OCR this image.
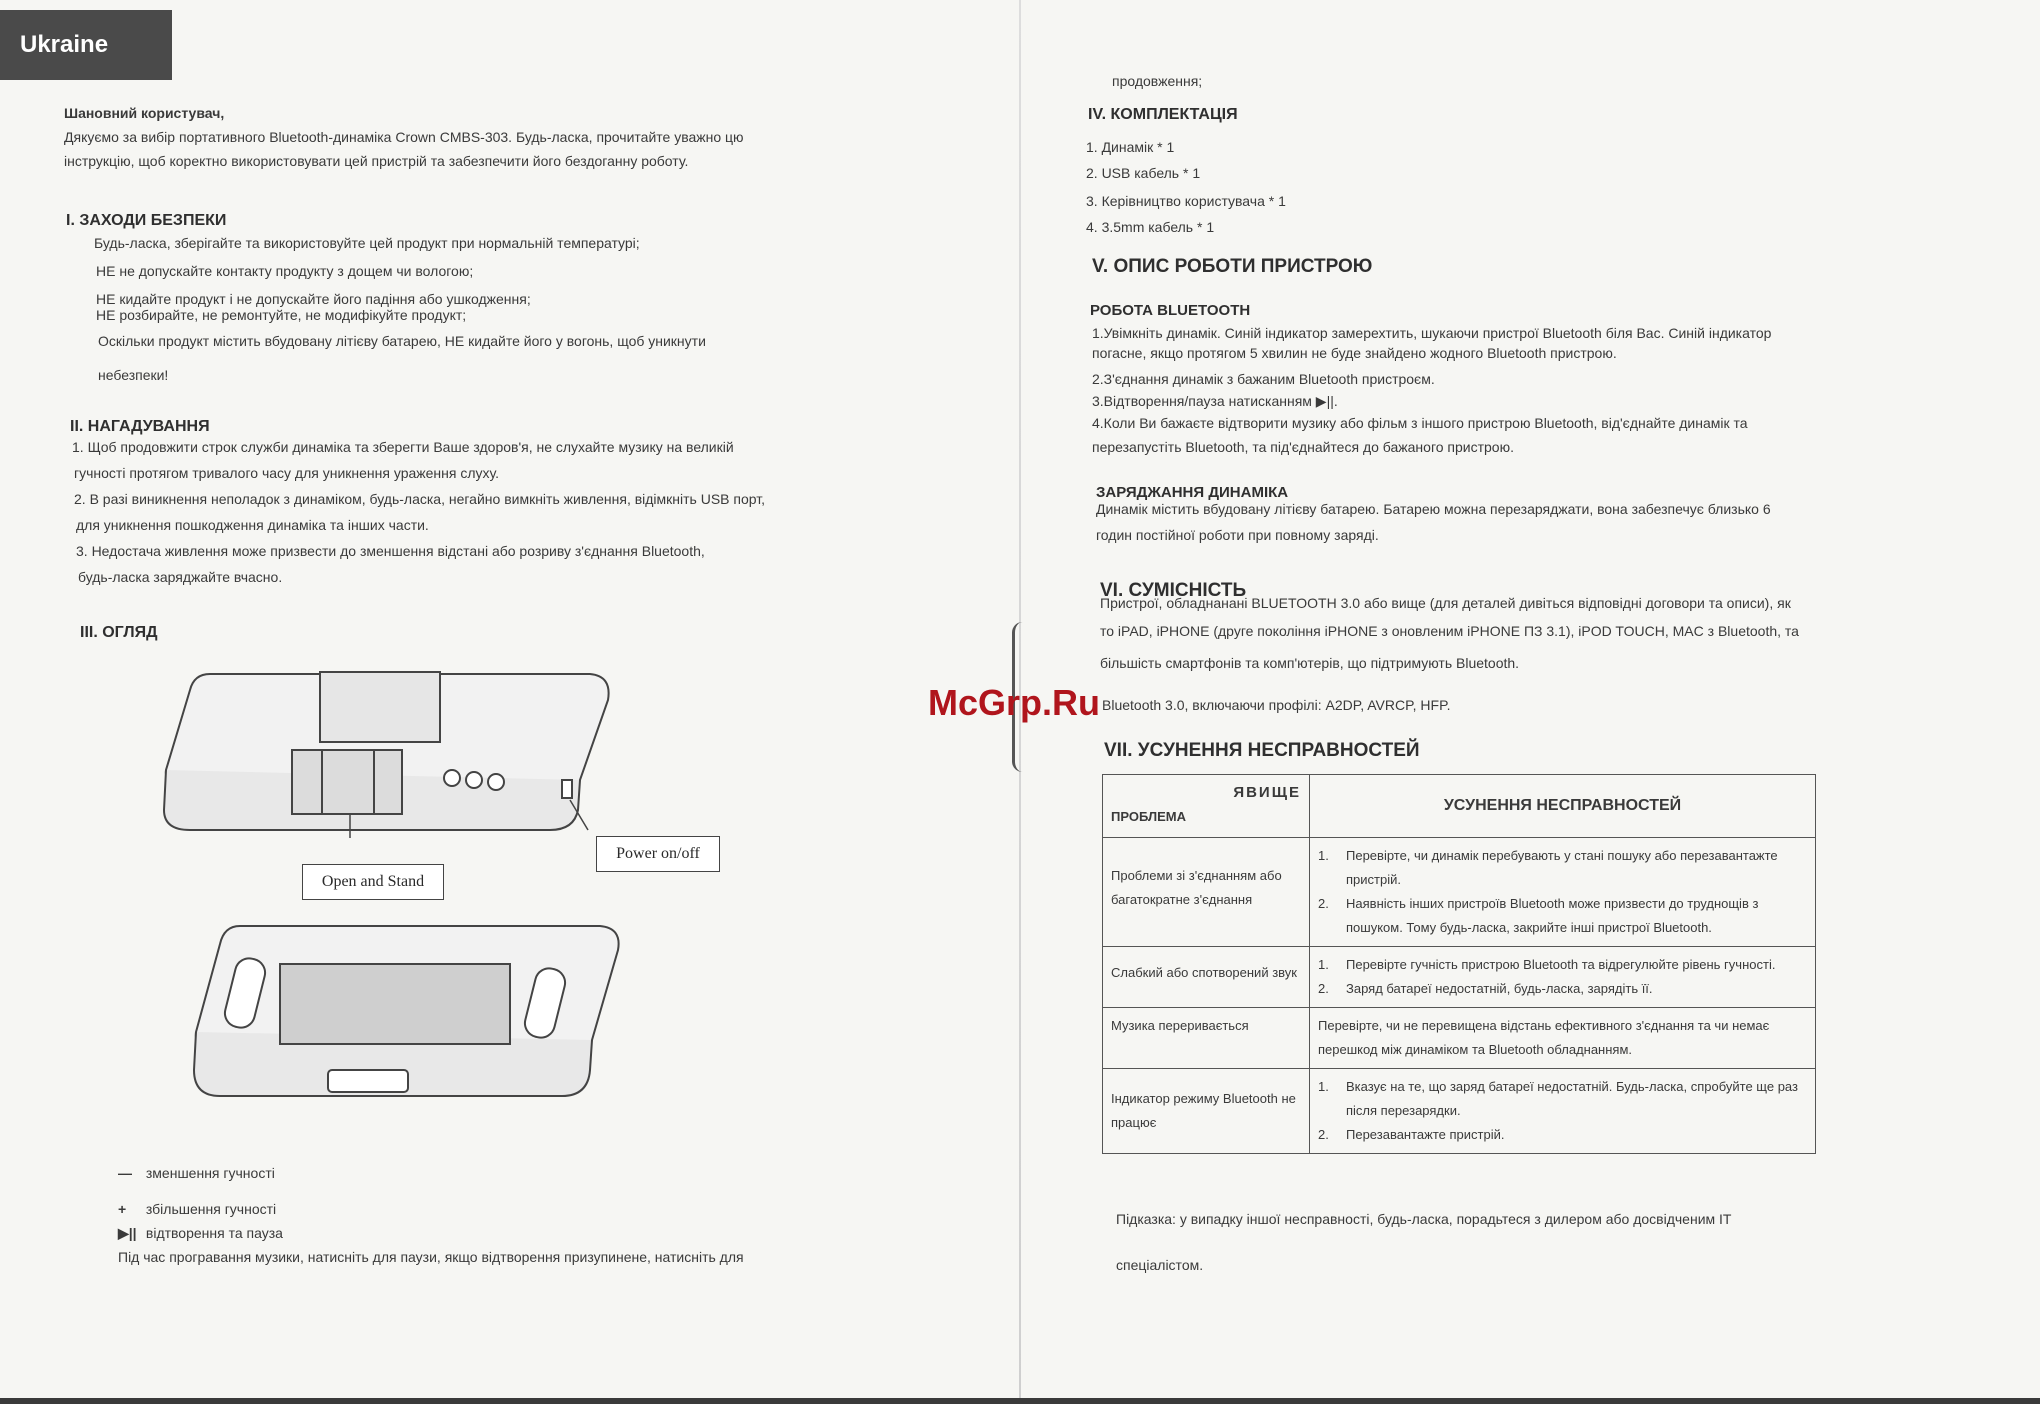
Ukraine
Шановний користувач,
Дякуємо за вибір портативного Bluetooth-динаміка Crown CMBS-303. Будь-ласка, прочитайте уважно цю
інструкцію, щоб коректно використовувати цей пристрій та забезпечити його бездоганну роботу.
I. ЗАХОДИ БЕЗПЕКИ
Будь-ласка, зберігайте та використовуйте цей продукт при нормальній температурі;
НЕ не допускайте контакту продукту з дощем чи вологою;
НЕ кидайте продукт і не допускайте його падіння або ушкодження;
НЕ розбирайте, не ремонтуйте, не модифікуйте продукт;
Оскільки продукт містить вбудовану літієву батарею, НЕ кидайте його у вогонь, щоб уникнути
небезпеки!
II. НАГАДУВАННЯ
1. Щоб продовжити строк служби динаміка та зберегти Ваше здоров'я, не слухайте музику на великій
гучності протягом тривалого часу для уникнення ураження слуху.
2. В разі виникнення неполадок з динаміком, будь-ласка, негайно вимкніть живлення, відімкніть USB порт,
для уникнення пошкодження динаміка та інших части.
3. Недостача живлення може призвести до зменшення відстані або розриву з'єднання Bluetooth,
будь-ласка заряджайте вчасно.
III. ОГЛЯД
Open and Stand
Power on/off
— зменшення гучності
+ збільшення гучності
▶|| відтворення та пауза
Під час програвання музики, натисніть для паузи, якщо відтворення призупинене, натисніть для
McGrp.Ru
продовження;
IV. КОМПЛЕКТАЦІЯ
1. Динамік * 1
2. USB кабель * 1
3. Керівництво користувача * 1
4. 3.5mm кабель * 1
V. ОПИС РОБОТИ ПРИСТРОЮ
РОБОТА BLUETOOTH
1.Увімкніть динамік. Синій індикатор замерехтить, шукаючи пристрої Bluetooth біля Вас. Синій індикатор
погасне, якщо протягом 5 хвилин не буде знайдено жодного Bluetooth пристрою.
2.З'єднання динамік з бажаним Bluetooth пристроєм.
3.Відтворення/пауза натисканням ▶||.
4.Коли Ви бажаєте відтворити музику або фільм з іншого пристрою Bluetooth, від'єднайте динамік та
перезапустіть Bluetooth, та під'єднайтеся до бажаного пристрою.
ЗАРЯДЖАННЯ ДИНАМІКА
Динамік містить вбудовану літієву батарею. Батарею можна перезаряджати, вона забезпечує близько 6
годин постійної роботи при повному заряді.
VI. СУМІСНІСТЬ
Пристрої, обладнанані BLUETOOTH 3.0 або вище (для деталей дивіться відповідні договори та описи), як
то iPAD, iPHONE (друге покоління iPHONE з оновленим iPHONE ПЗ 3.1), iPOD TOUCH, MAC з Bluetooth, та
більшість смартфонів та комп'ютерів, що підтримують Bluetooth.
Bluetooth 3.0, включаючи профілі: A2DP, AVRCP, HFP.
VII. УСУНЕННЯ НЕСПРАВНОСТЕЙ
ЯВИЩЕ
ПРОБЛЕМА	УСУНЕННЯ НЕСПРАВНОСТЕЙ
Проблеми зі з'єднанням або багатократне з'єднання	1. Перевірте, чи динамік перебувають у стані пошуку або перезавантажте пристрій.
2. Наявність інших пристроїв Bluetooth може призвести до труднощів з пошуком. Тому будь-ласка, закрийте інші пристрої Bluetooth.

Слабкий або спотворений звук	1. Перевірте гучність пристрою Bluetooth та відрегулюйте рівень гучності.
2. Заряд батареї недостатній, будь-ласка, зарядіть її.

Музика переривається	Перевірте, чи не перевищена відстань ефективного з'єднання та чи немає перешкод між динаміком та Bluetooth обладнанням.
Індикатор режиму Bluetooth не працює	1. Вказує на те, що заряд батареї недостатній. Будь-ласка, спробуйте ще раз після перезарядки.
2. Перезавантажте пристрій.
Підказка: у випадку іншої несправності, будь-ласка, порадьтеся з дилером або досвідченим IT
спеціалістом.
